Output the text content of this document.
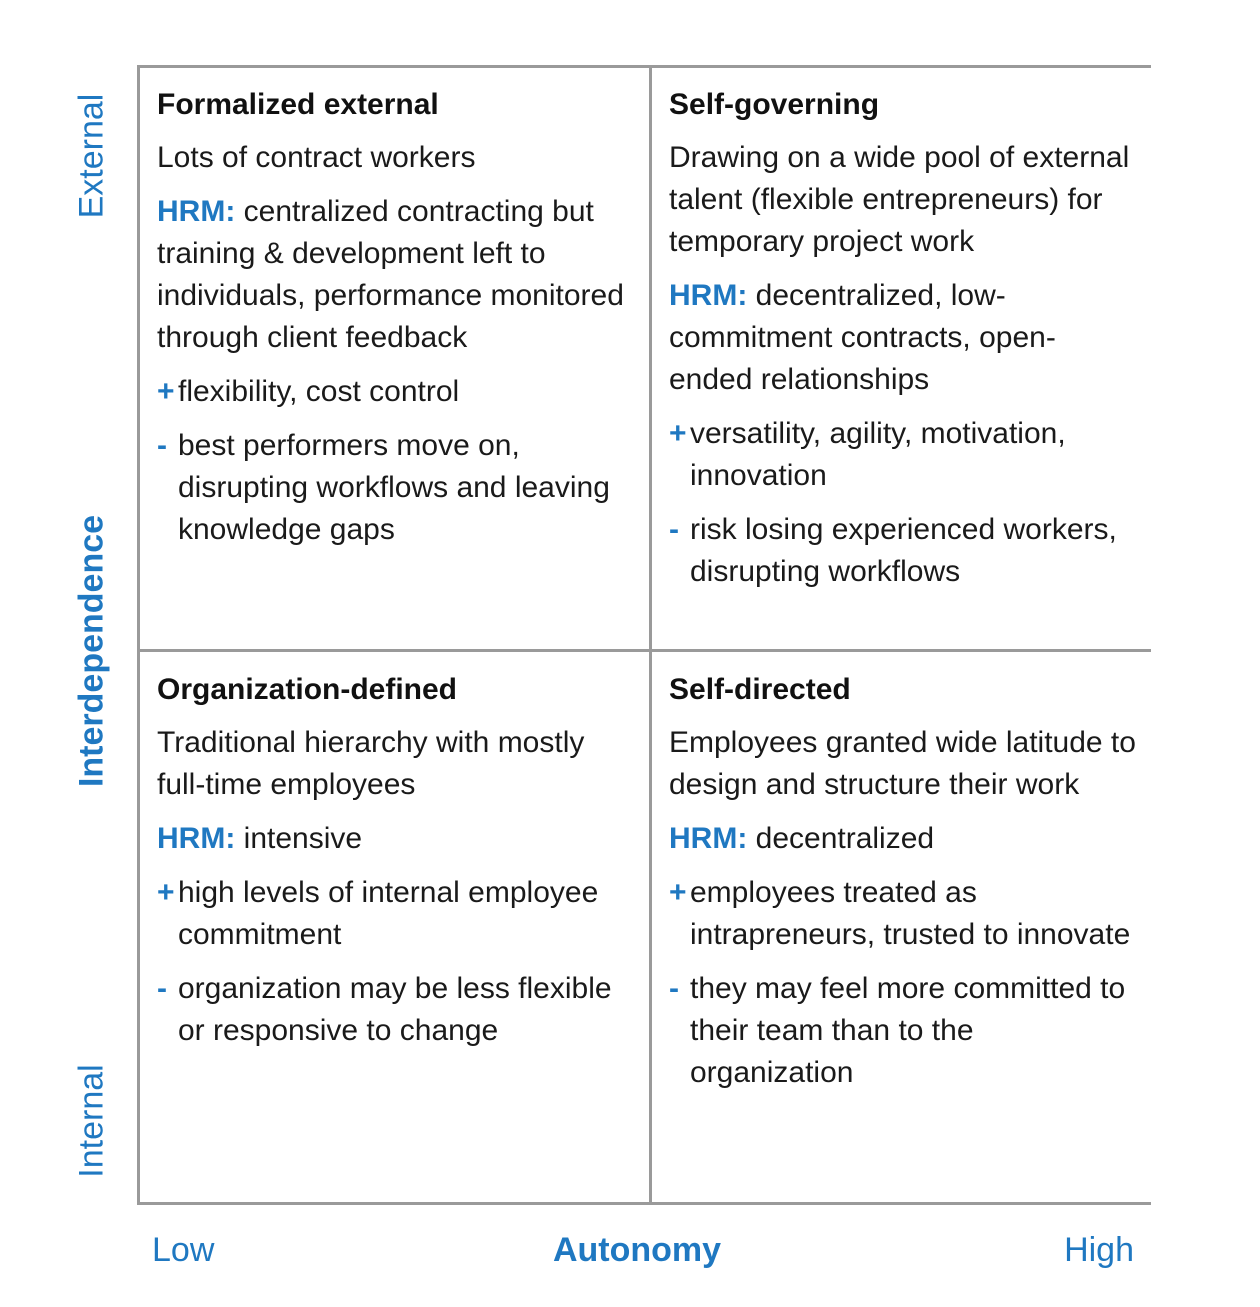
External
Interdependence
Internal
Formalized external
Lots of contract workers
HRM: centralized contracting but training & development left to individuals, performance monitored through client feedback
+ flexibility, cost control
- best performers move on, disrupting workflows and leaving knowledge gaps
Self-governing
Drawing on a wide pool of external talent (flexible entrepreneurs) for temporary project work
HRM: decentralized, low-commitment contracts, open-ended relationships
+ versatility, agility, motivation, innovation
- risk losing experienced workers, disrupting workflows
Organization-defined
Traditional hierarchy with mostly full-time employees
HRM: intensive
+ high levels of internal employee commitment
- organization may be less flexible or responsive to change
Self-directed
Employees granted wide latitude to design and structure their work
HRM: decentralized
+ employees treated as intrapreneurs, trusted to innovate
- they may feel more committed to their team than to the organization
Low	Autonomy	High
